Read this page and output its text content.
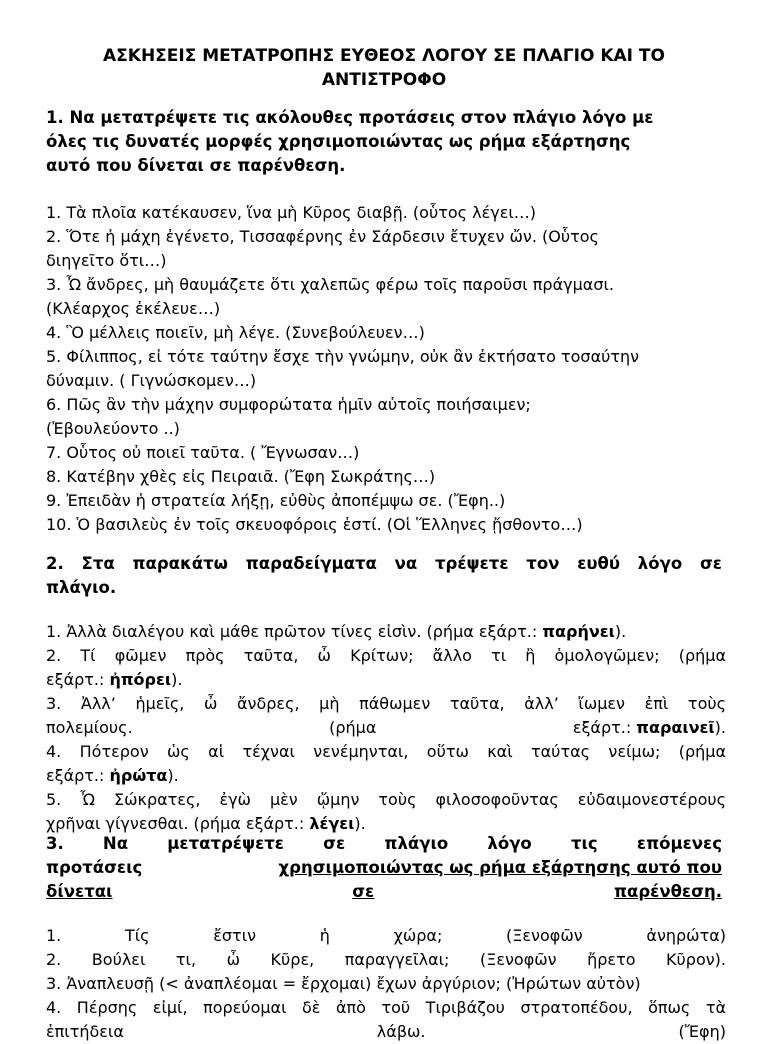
ΑΣΚΗΣΕΙΣ ΜΕΤΑΤΡΟΠΗΣ ΕΥΘΕΟΣ ΛΟΓΟΥ ΣΕ ΠΛΑΓΙΟ ΚΑΙ ΤΟ
ΑΝΤΙΣΤΡΟΦΟ
1. Να μετατρέψετε τις ακόλουθες προτάσεις στον πλάγιο λόγο με
όλες τις δυνατές μορφές χρησιμοποιώντας ως ρήμα εξάρτησης
αυτό που δίνεται σε παρένθεση.
1. Τὰ πλοῖα κατέκαυσεν, ἵνα μὴ Κῦρος διαβῇ. (οὗτος λέγει…)
2. Ὅτε ἡ μάχη ἐγένετο, Τισσαφέρνης ἐν Σάρδεσιν ἔτυχεν ὤν. (Οὗτος
διηγεῖτο ὅτι…)
3. Ὦ ἄνδρες, μὴ θαυμάζετε ὅτι χαλεπῶς φέρω τοῖς παροῦσι πράγμασι.
(Κλέαρχος ἐκέλευε…)
4. Ὃ μέλλεις ποιεῖν, μὴ λέγε. (Συνεβούλευεν…)
5. Φίλιππος, εἰ τότε ταύτην ἔσχε τὴν γνώμην, οὐκ ἂν ἐκτήσατο τοσαύτην
δύναμιν. ( Γιγνώσκομεν…)
6. Πῶς ἂν τὴν μάχην συμφορώτατα ἡμῖν αὐτοῖς ποιήσαιμεν;
(Ἐβουλεύοντο ..)
7. Οὗτος οὐ ποιεῖ ταῦτα. ( Ἔγνωσαν…)
8. Κατέβην χθὲς εἰς Πειραιᾶ. (Ἔφη Σωκράτης…)
9. Ἐπειδὰν ἡ στρατεία λήξῃ, εὐθὺς ἀποπέμψω σε. (Ἔφη..)
10. Ὁ βασιλεὺς ἐν τοῖς σκευοφόροις ἐστί. (Οἱ Ἕλληνες ᾔσθοντο…)
2. Στα παρακάτω παραδείγματα να τρέψετε τον ευθύ λόγο σε
πλάγιο.
1. Ἀλλὰ διαλέγου καὶ μάθε πρῶτον τίνες εἰσὶν. (ρήμα εξάρτ.: παρήνει).
2. Τί φῶμεν πρὸς ταῦτα, ὦ Κρίτων; ἄλλο τι ἢ ὁμολογῶμεν; (ρήμα
εξάρτ.: ἠπόρει).
3. Ἀλλ’ ἡμεῖς, ὦ ἄνδρες, μὴ πάθωμεν ταῦτα, ἀλλ’ ἴωμεν ἐπὶ τοὺς
πολεμίους.	(ρήμα	εξάρτ.: παραινεῖ).
4. Πότερον ὡς αἱ τέχναι νενέμηνται, οὕτω καὶ ταύτας νείμω; (ρήμα
εξάρτ.: ἠρώτα).
5. Ὦ Σώκρατες, ἐγὼ μὲν ᾤμην τοὺς φιλοσοφοῦντας εὐδαιμονεστέρους
χρῆναι γίγνεσθαι. (ρήμα εξάρτ.: λέγει).
3. Να μετατρέψετε σε πλάγιο λόγο τις επόμενες
προτάσεις	χρησιμοποιώντας ως ρήμα εξάρτησης αυτό που
δίνεται	σε	παρένθεση.
1. Τίς ἔστιν ἡ χώρα; (Ξενοφῶν ἀνηρώτα)
2. Βούλει τι, ὦ Κῦρε, παραγγεῖλαι; (Ξενοφῶν ἤρετο Κῦρον).
3. Ἀναπλευσῇ (< ἀναπλέομαι = ἔρχομαι) ἔχων ἀργύριον; (Ἠρώτων αὐτὸν)
4. Πέρσης εἰμί, πορεύομαι δὲ ἀπὸ τοῦ Τιριβάζου στρατοπέδου, ὅπως τὰ
ἐπιτήδεια	λάβω.	(Ἔφη)
